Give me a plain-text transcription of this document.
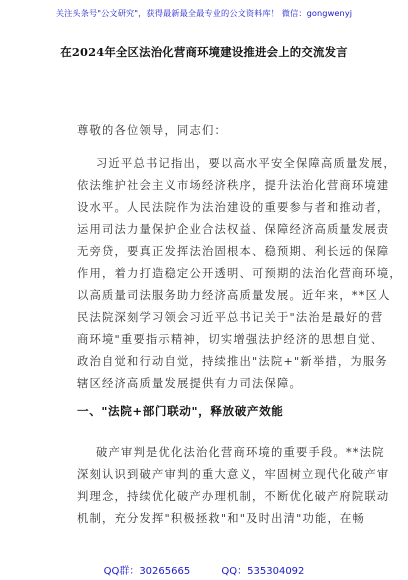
关注头条号"公文研究"，获得最新最全最专业的公文资料库！ 微信：gongwenyj
在2024年全区法治化营商环境建设推进会上的交流发言
尊敬的各位领导，同志们：
习近平总书记指出，要以高水平安全保障高质量发展，
依法维护社会主义市场经济秩序，提升法治化营商环境建
设水平。人民法院作为法治建设的重要参与者和推动者，
运用司法力量保护企业合法权益、保障经济高质量发展责
无旁贷，要真正发挥法治固根本、稳预期、利长远的保障
作用，着力打造稳定公开透明、可预期的法治化营商环境，
以高质量司法服务助力经济高质量发展。近年来，**区人
民法院深刻学习领会习近平总书记关于"法治是最好的营
商环境"重要指示精神，切实增强法护经济的思想自觉、
政治自觉和行动自觉，持续推出"法院+"新举措，为服务
辖区经济高质量发展提供有力司法保障。
一、"法院+部门联动"，释放破产效能
破产审判是优化法治化营商环境的重要手段。**法院
深刻认识到破产审判的重大意义，牢固树立现代化破产审
判理念，持续优化破产办理机制，不断优化破产府院联动
机制，充分发挥"积极拯救"和"及时出清"功能，在畅
QQ群：30265665	QQ：535304092
